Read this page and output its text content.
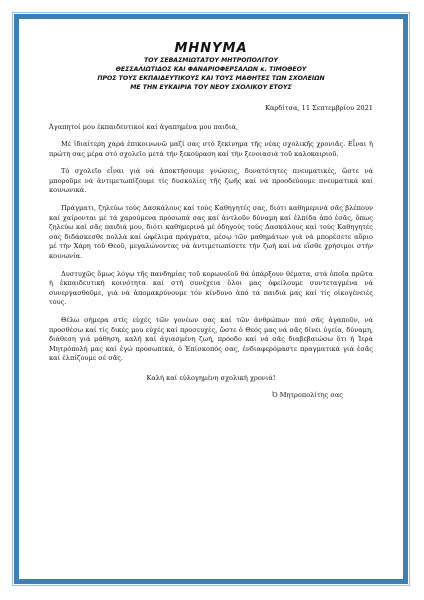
ΜΗΝΥΜΑ

ΤΟΥ ΣΕΒΑΣΜΙΩΤΑΤΟΥ ΜΗΤΡΟΠΟΛΙΤΟΥ

ΘΕΣΣΑΛΙΩΤΙΔΟΣ ΚΑΙ ΦΑΝΑΡΙΟΦΕΡΣΑΛΩΝ κ. ΤΙΜΟΘΕΟΥ

ΠΡΟΣ ΤΟΥΣ ΕΚΠΑΙΔΕΥΤΙΚΟΥΣ ΚΑΙ ΤΟΥΣ ΜΑΘΗΤΕΣ ΤΩΝ ΣΧΟΛΕΙΩΝ

ΜΕ ΤΗΝ ΕΥΚΑΙΡΙΑ ΤΟΥ ΝΕΟΥ ΣΧΟΛΙΚΟΥ ΕΤΟΥΣ

Καρδίτσα, 11 Σεπτεμβρίου 2021

Ἀγαπητοί μου ἐκπαιδευτικοί καί ἀγαπημένα μου παιδιά,

Μέ ἰδιαίτερη χαρά ἐπικοινωνῶ μαζί σας στό ξεκίνημα τῆς νέας σχολικῆς χρονιᾶς. Εἶναι ἡ πρώτη σας μέρα στό σχολεῖο μετά τήν ξεκούραση καί τήν ξενοιασιά τοῦ καλοκαιριοῦ.

Τό σχολεῖο εἶναι γιά νά ἀποκτήσουμε γνώσεις, δυνατότητες πνευματικές, ὥστε νά μποροῦμε νά ἀντιμετωπίζουμε τίς δυσκολίες τῆς ζωῆς καί νά προοδεύουμε πνευματικά καί κοινωνικά.

Πράγματι, ζηλεύω τούς Δασκάλους καί τούς Καθηγητές σας, διότι καθημερινά σᾶς βλέπουν καί χαίρονται μέ τά χαρούμενα πρόσωπά σας καί ἀντλοῦν δύναμη καί ἐλπίδα ἀπό ἐσᾶς, ὅπως ζηλεύω καί σᾶς παιδιά μου, διότι καθημερινά μέ ὁδηγούς τούς Δασκάλους καί τούς Καθηγητές σας διδάσκεσθε πολλά καί ὠφέλιμα πράγματα, μέσῳ τῶν μαθημάτων γιά νά μπορέσετε αὔριο μέ τήν Χάρη τοῦ Θεοῦ, μεγαλώνοντας νά ἀντιμετωπίσετε τήν ζωή καί νά εἴσθε χρήσιμοι στήν κοινωνία.

Δυστυχῶς ὅμως λόγῳ τῆς πανδημίας τοῦ κορωνοϊοῦ θά ὑπάρξουν θέματα, στά ὁποῖα πρῶτα ἡ ἐκπαιδευτική κοινότητα καί στή συνέχεια ὅλοι μας ὀφείλουμε συντεταγμένα νά συνεργασθοῦμε, γιά νά ἀπομακρύνουμε τόν κίνδυνο ἀπό τά παιδιά μας καί τίς οἰκογένειές τους.

Θέλω σήμερα στίς εὐχές τῶν γονέων σας καί τῶν ἀνθρώπων πού σᾶς ἀγαποῦν, νά προσθέσω καί τίς δικές μου εὐχές καί προσευχές, ὥστε ὁ Θεός μας νά σᾶς δίνει ὑγεία, δύναμη, διάθεση γιά μάθηση, καλή καί ἀγιασμένη ζωή, πρόοδο καί νά σᾶς διαβεβαιώσω ὅτι ἡ Ἱερά Μητρόπολή μας καί ἐγώ προσωπικά, ὁ Ἐπίσκοπός σας, ἐνδιαφερόμαστε πραγματικά γιά ἐσᾶς καί ἐλπίζουμε σέ σᾶς.

Καλή καί εὐλογημένη σχολική χρονιά!

Ὁ Μητροπολίτης σας
